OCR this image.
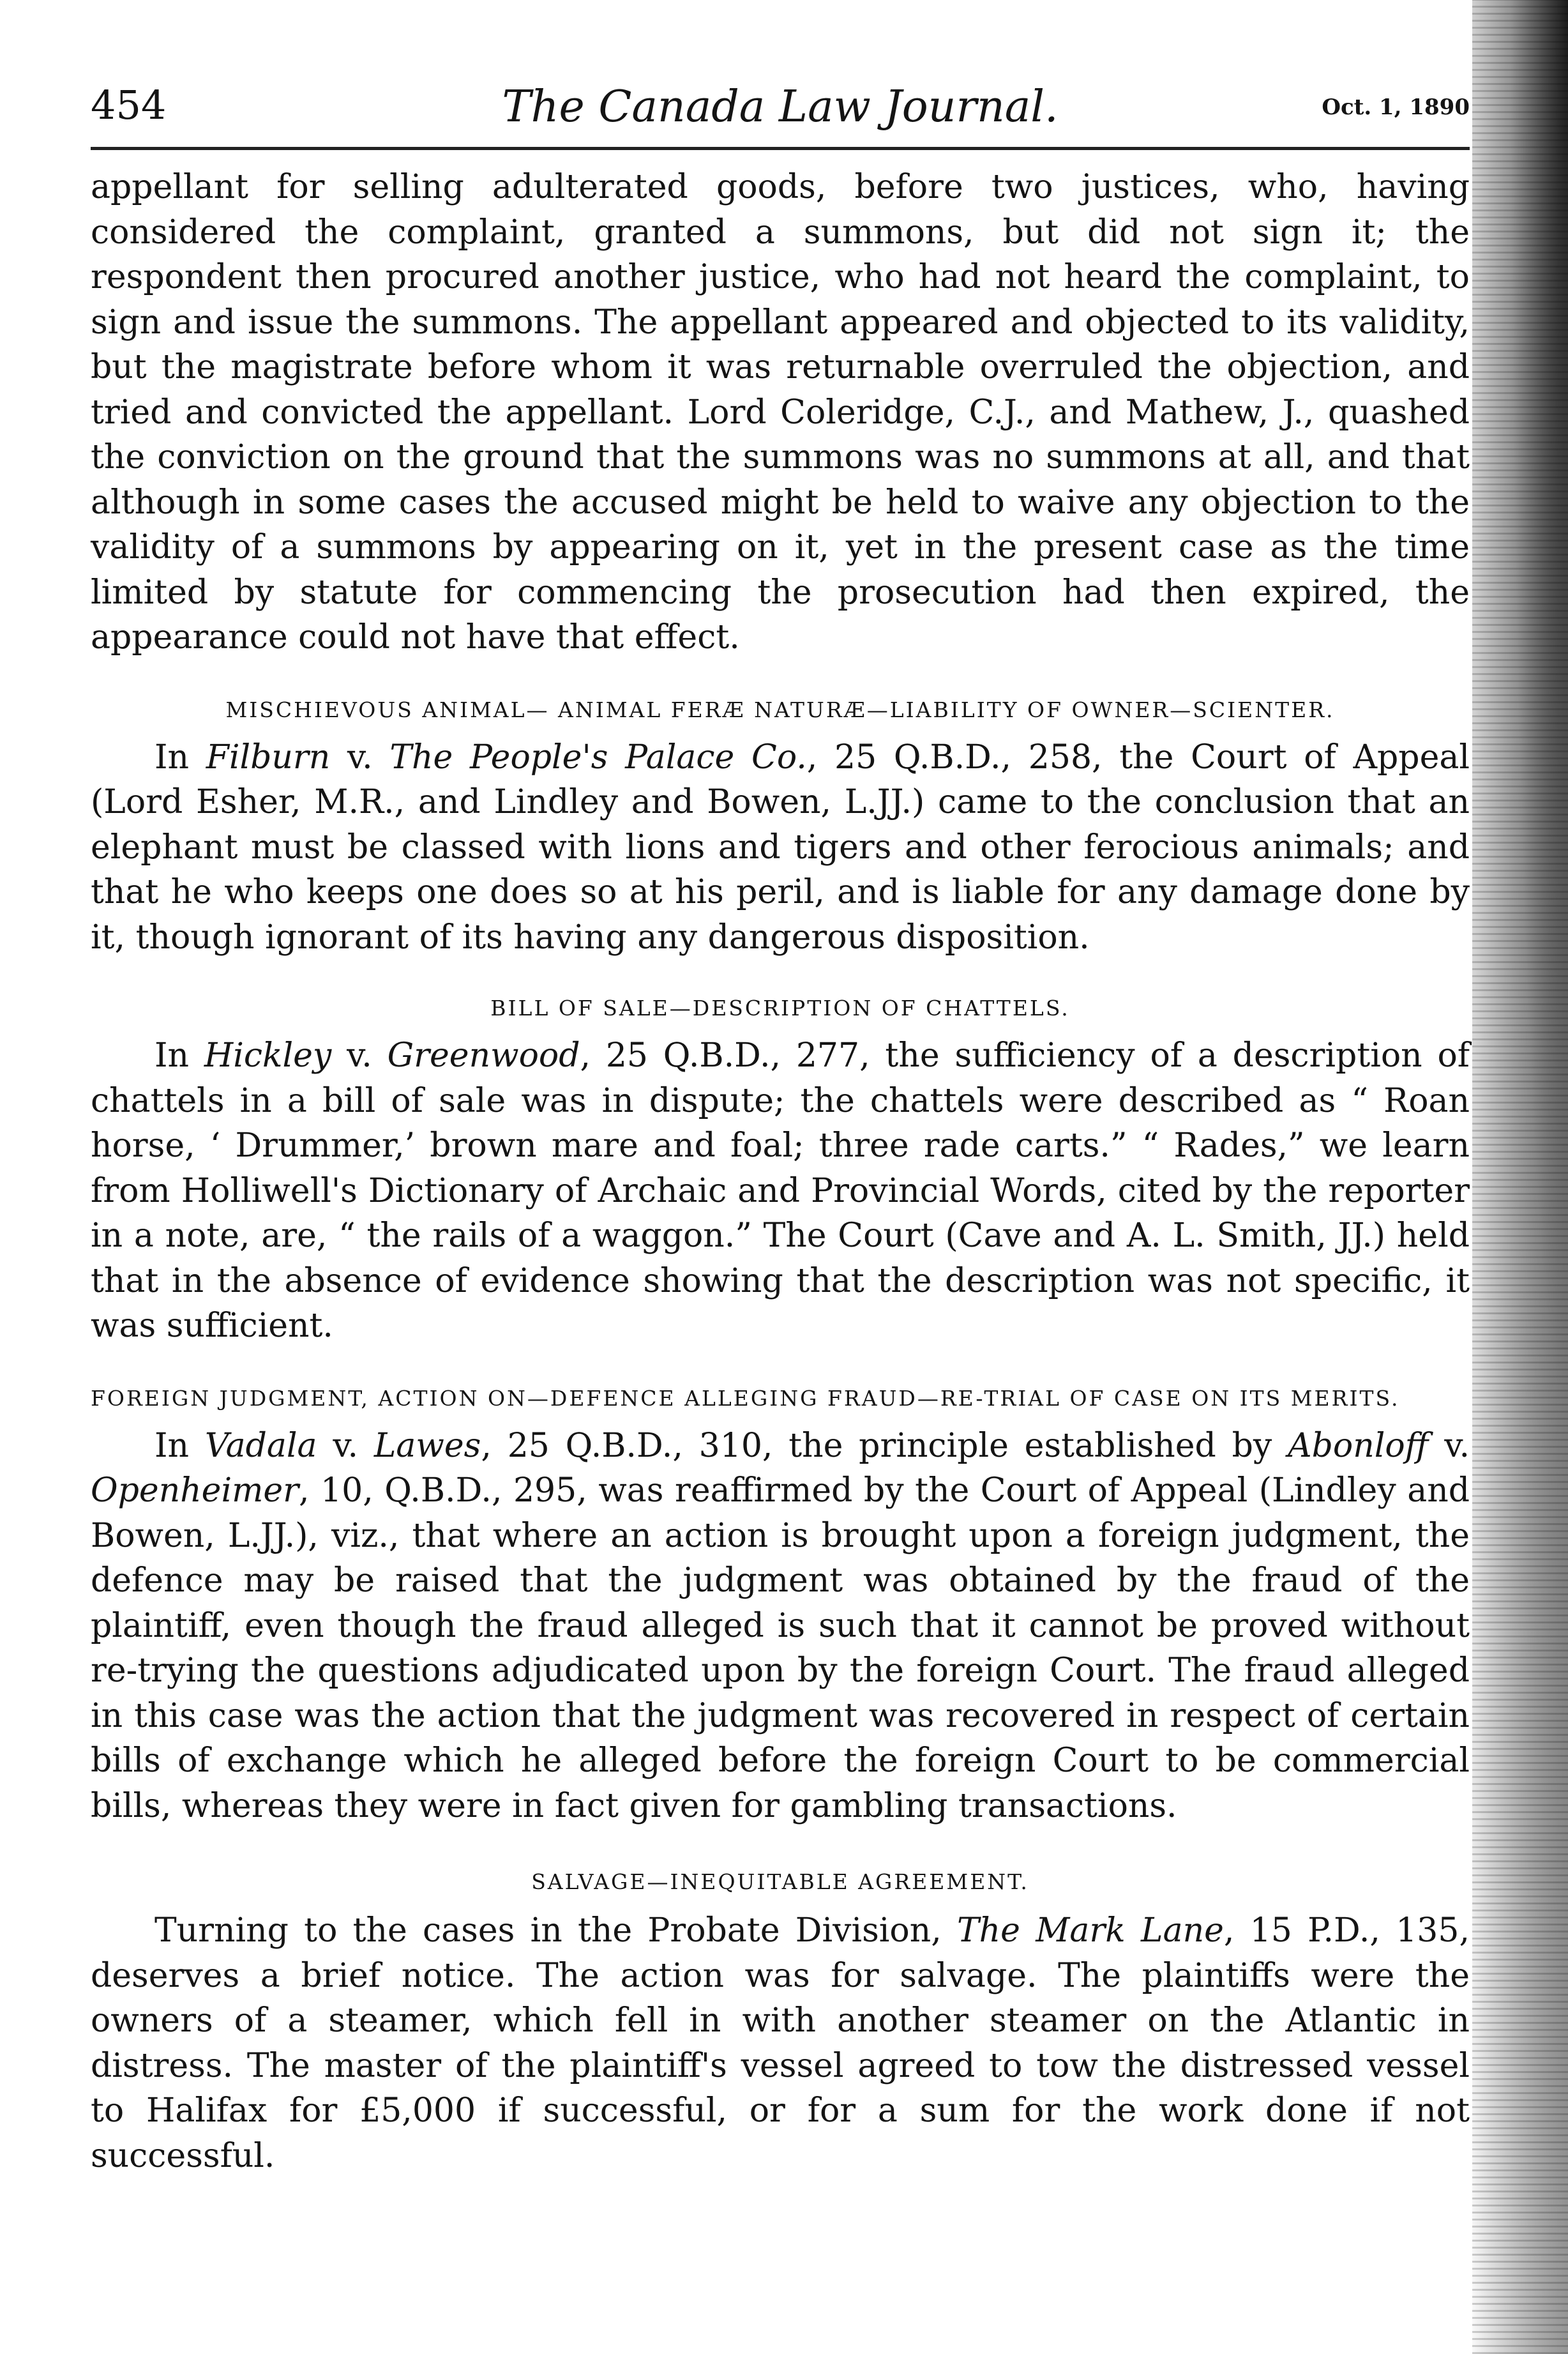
454	The Canada Law Journal.	Oct. 1, 1890

appellant for selling adulterated goods, before two justices, who, having considered the complaint, granted a summons, but did not sign it; the respondent then procured another justice, who had not heard the complaint, to sign and issue the summons. The appellant appeared and objected to its validity, but the magistrate before whom it was returnable overruled the objection, and tried and convicted the appellant. Lord Coleridge, C.J., and Mathew, J., quashed the conviction on the ground that the summons was no summons at all, and that although in some cases the accused might be held to waive any objection to the validity of a summons by appearing on it, yet in the present case as the time limited by statute for commencing the prosecution had then expired, the appearance could not have that effect.

MISCHIEVOUS ANIMAL— ANIMAL FERÆ NATURÆ—LIABILITY OF OWNER—SCIENTER.

In Filburn v. The People's Palace Co., 25 Q.B.D., 258, the Court of Appeal (Lord Esher, M.R., and Lindley and Bowen, L.JJ.) came to the conclusion that an elephant must be classed with lions and tigers and other ferocious animals; and that he who keeps one does so at his peril, and is liable for any damage done by it, though ignorant of its having any dangerous disposition.

BILL OF SALE—DESCRIPTION OF CHATTELS.

In Hickley v. Greenwood, 25 Q.B.D., 277, the sufficiency of a description of chattels in a bill of sale was in dispute; the chattels were described as “ Roan horse, ‘ Drummer,’ brown mare and foal; three rade carts.” “ Rades,” we learn from Holliwell's Dictionary of Archaic and Provincial Words, cited by the reporter in a note, are, “ the rails of a waggon.” The Court (Cave and A. L. Smith, JJ.) held that in the absence of evidence showing that the description was not specific, it was sufficient.

FOREIGN JUDGMENT, ACTION ON—DEFENCE ALLEGING FRAUD—RE-TRIAL OF CASE ON ITS MERITS.

In Vadala v. Lawes, 25 Q.B.D., 310, the principle established by Abonloff v. Openheimer, 10, Q.B.D., 295, was reaffirmed by the Court of Appeal (Lindley and Bowen, L.JJ.), viz., that where an action is brought upon a foreign judgment, the defence may be raised that the judgment was obtained by the fraud of the plaintiff, even though the fraud alleged is such that it cannot be proved without re-trying the questions adjudicated upon by the foreign Court. The fraud alleged in this case was the action that the judgment was recovered in respect of certain bills of exchange which he alleged before the foreign Court to be commercial bills, whereas they were in fact given for gambling transactions.

SALVAGE—INEQUITABLE AGREEMENT.

Turning to the cases in the Probate Division, The Mark Lane, 15 P.D., 135, deserves a brief notice. The action was for salvage. The plaintiffs were the owners of a steamer, which fell in with another steamer on the Atlantic in distress. The master of the plaintiff's vessel agreed to tow the distressed vessel to Halifax for £5,000 if successful, or for a sum for the work done if not successful.
